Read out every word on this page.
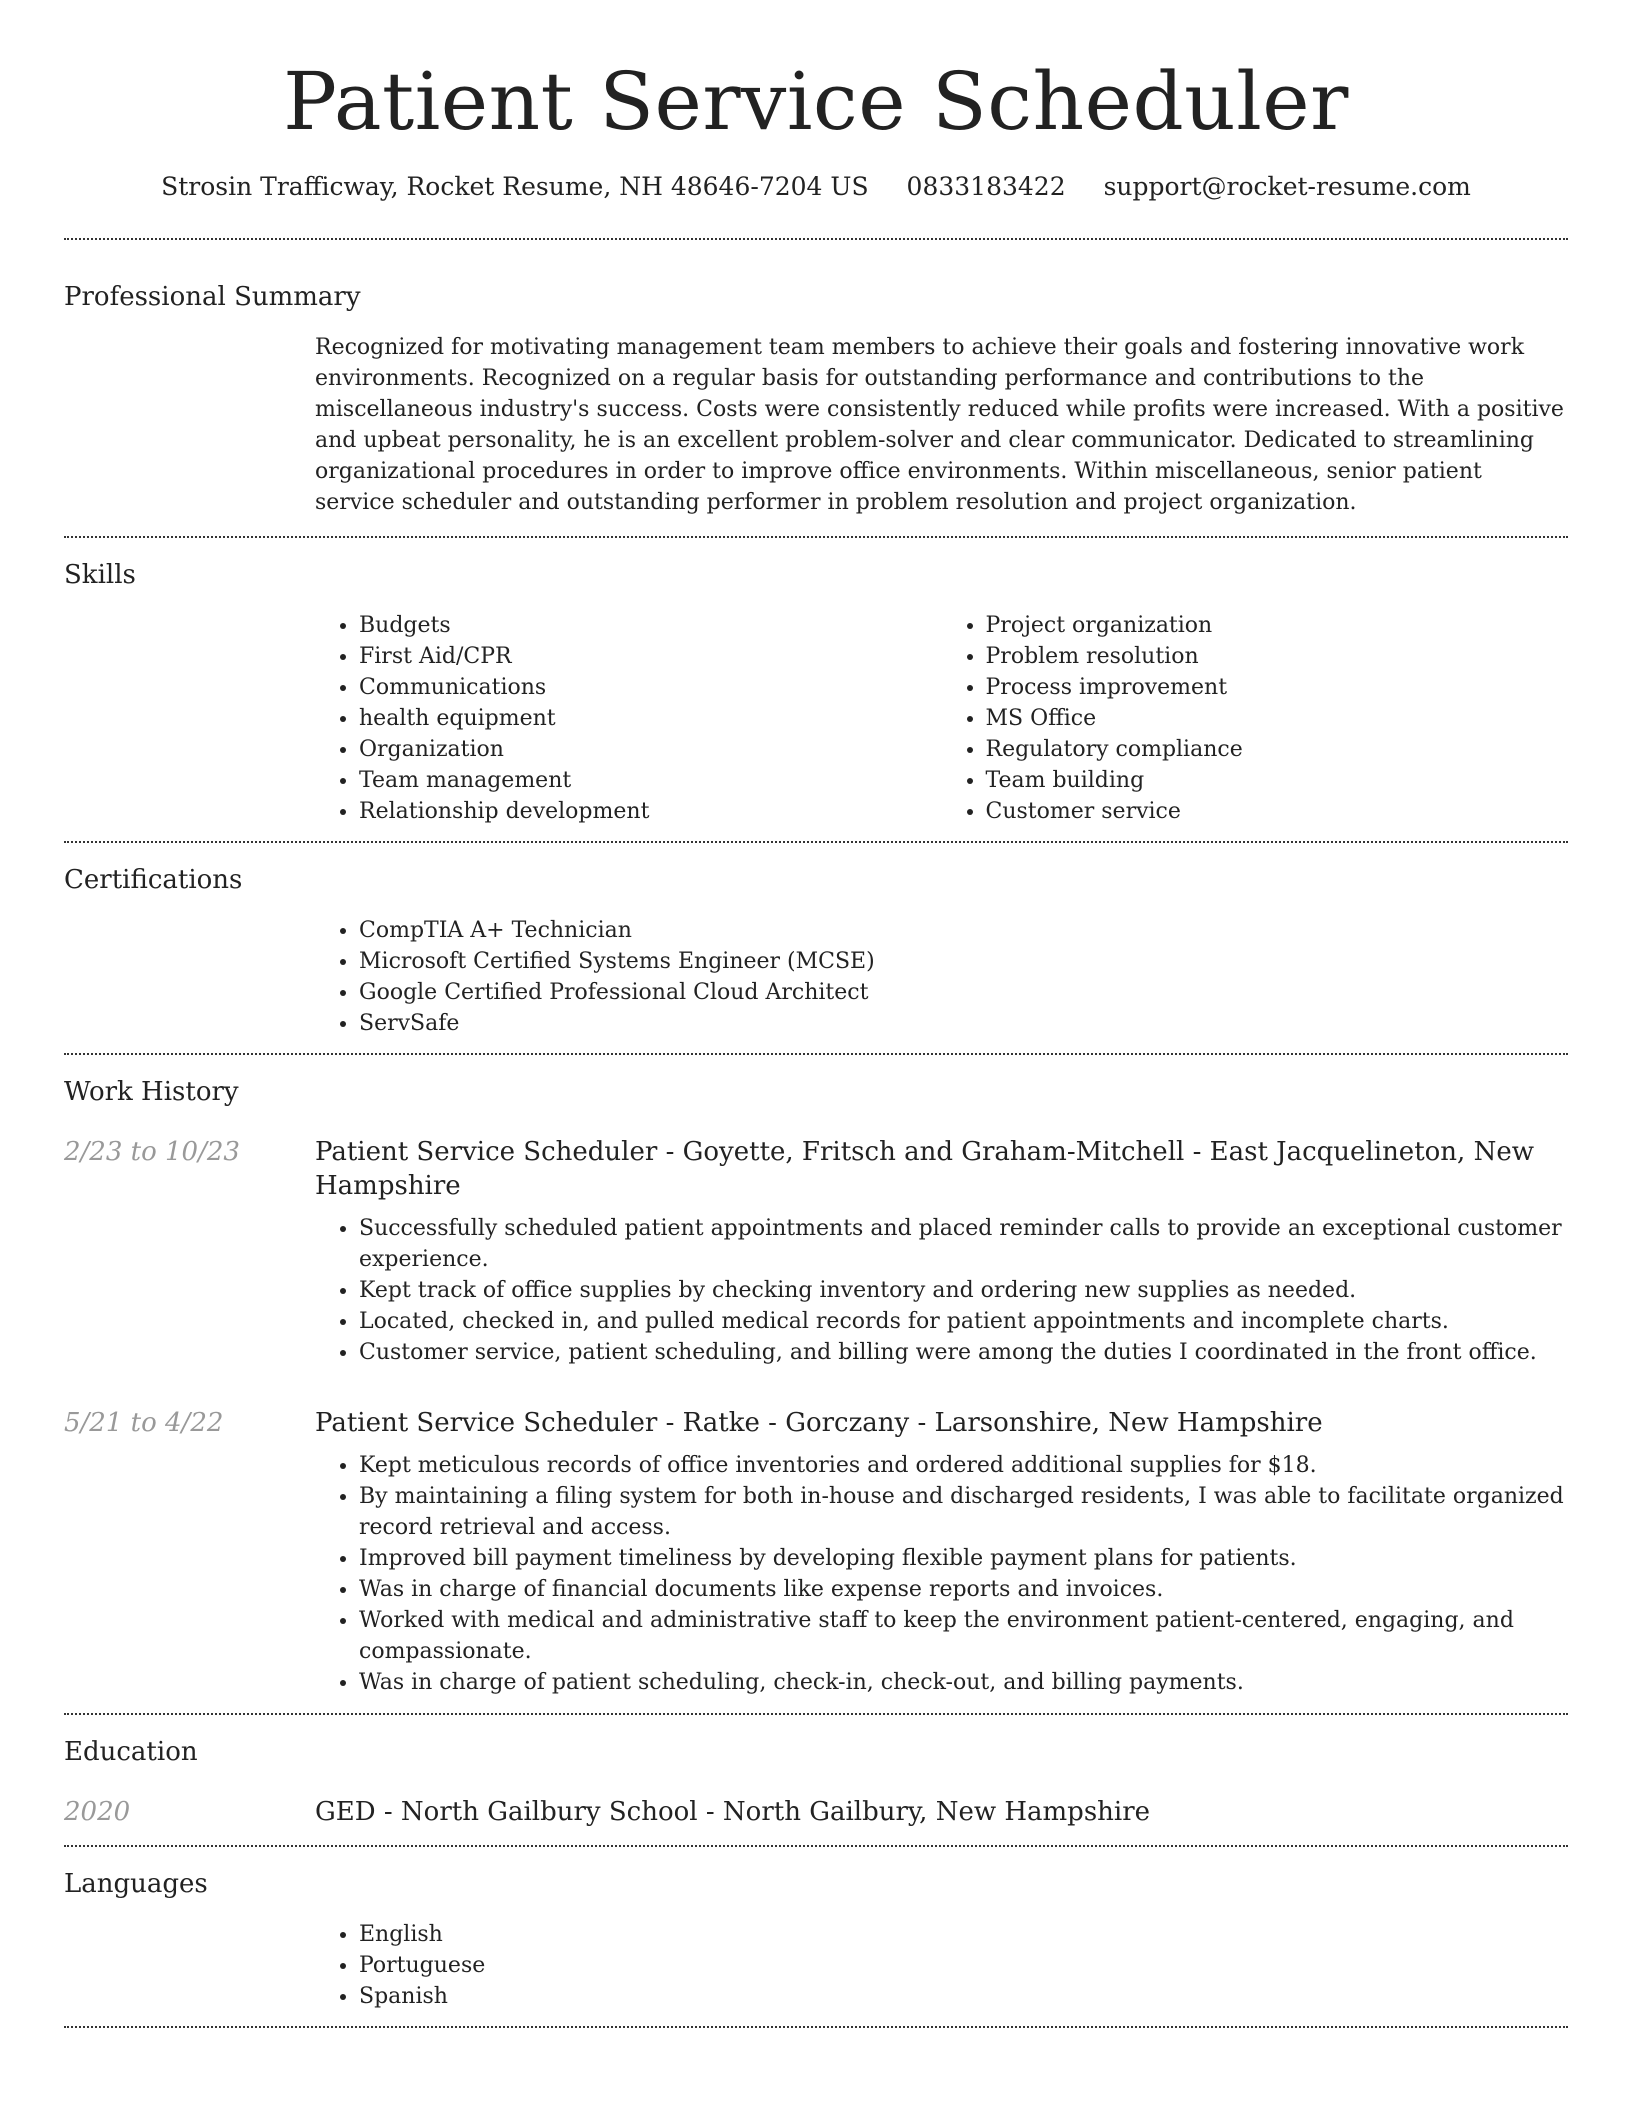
Patient Service Scheduler
Strosin Trafficway, Rocket Resume, NH 48646-7204 US 0833183422 support@rocket-resume.com
Professional Summary

Recognized for motivating management team members to achieve their goals and fostering innovative work environments. Recognized on a regular basis for outstanding performance and contributions to the miscellaneous industry's success. Costs were consistently reduced while profits were increased. With a positive and upbeat personality, he is an excellent problem-solver and clear communicator. Dedicated to streamlining organizational procedures in order to improve office environments. Within miscellaneous, senior patient service scheduler and outstanding performer in problem resolution and project organization.

Skills
• Budgets
• First Aid/CPR
• Communications
• health equipment
• Organization
• Team management
• Relationship development
• Project organization
• Problem resolution
• Process improvement
• MS Office
• Regulatory compliance
• Team building
• Customer service
Certifications
• CompTIA A+ Technician
• Microsoft Certified Systems Engineer (MCSE)
• Google Certified Professional Cloud Architect
• ServSafe
Work History
2/23 to 10/23	Patient Service Scheduler - Goyette, Fritsch and Graham-Mitchell - East Jacquelineton, New Hampshire
• Successfully scheduled patient appointments and placed reminder calls to provide an exceptional customer experience.
• Kept track of office supplies by checking inventory and ordering new supplies as needed.
• Located, checked in, and pulled medical records for patient appointments and incomplete charts.
• Customer service, patient scheduling, and billing were among the duties I coordinated in the front office.
5/21 to 4/22	Patient Service Scheduler - Ratke - Gorczany - Larsonshire, New Hampshire
• Kept meticulous records of office inventories and ordered additional supplies for $18.
• By maintaining a filing system for both in-house and discharged residents, I was able to facilitate organized record retrieval and access.
• Improved bill payment timeliness by developing flexible payment plans for patients.
• Was in charge of financial documents like expense reports and invoices.
• Worked with medical and administrative staff to keep the environment patient-centered, engaging, and compassionate.
• Was in charge of patient scheduling, check-in, check-out, and billing payments.
Education
2020	GED - North Gailbury School - North Gailbury, New Hampshire
Languages
• English
• Portuguese
• Spanish
